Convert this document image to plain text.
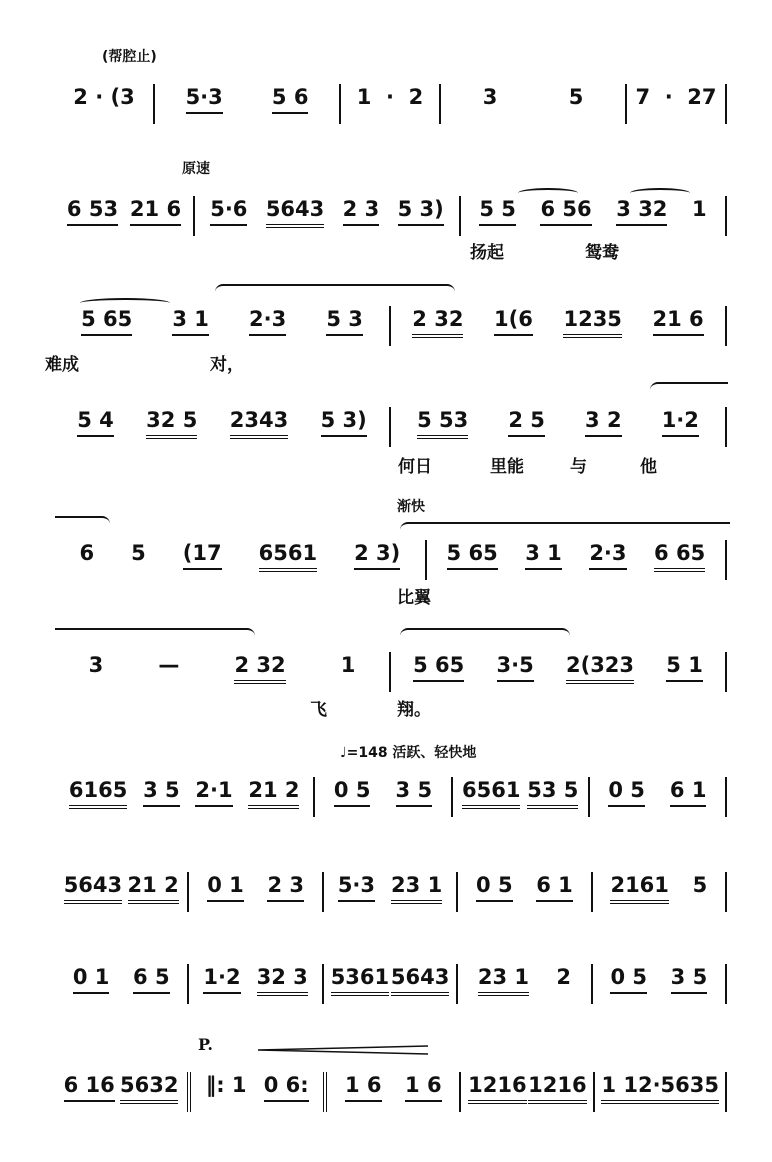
(帮腔止)
原速
渐快
♩=148 活跃、轻快地
P.
2 · (3 5·3 5 6 1  ·  2	3	5 7  ·  27
6 53 21 6 5·6 5643 2 3 5 3) 5 5 6 56 3 32 1
5 65 3 1 2·3 5 3 2 32 1(6 1235 21 6
5 4 32 5 2343 5 3) 5 53 2 5 3 2 1·2
6 5 (17 6561 2 3) 5 65 3 1 2·3 6 65
3	—	2 32	1	5 65 3·5 2(323 5 1
6165 3 5 2·1 21 2 0 5 3 5 6561 53 5 0 5 6 1
5643 21 2 0 1 2 3 5·3 23 1 0 5 6 1 2161 5
0 1 6 5 1·2 32 3 5361 5643 23 1 2 0 5 3 5
6 16 5632 ‖: 1 0 6: 1 6 1 6 1216 1216 1 12·5635
扬起	鸳鸯
难成	对，
何日	里能	与	他
比翼
飞	翔。
